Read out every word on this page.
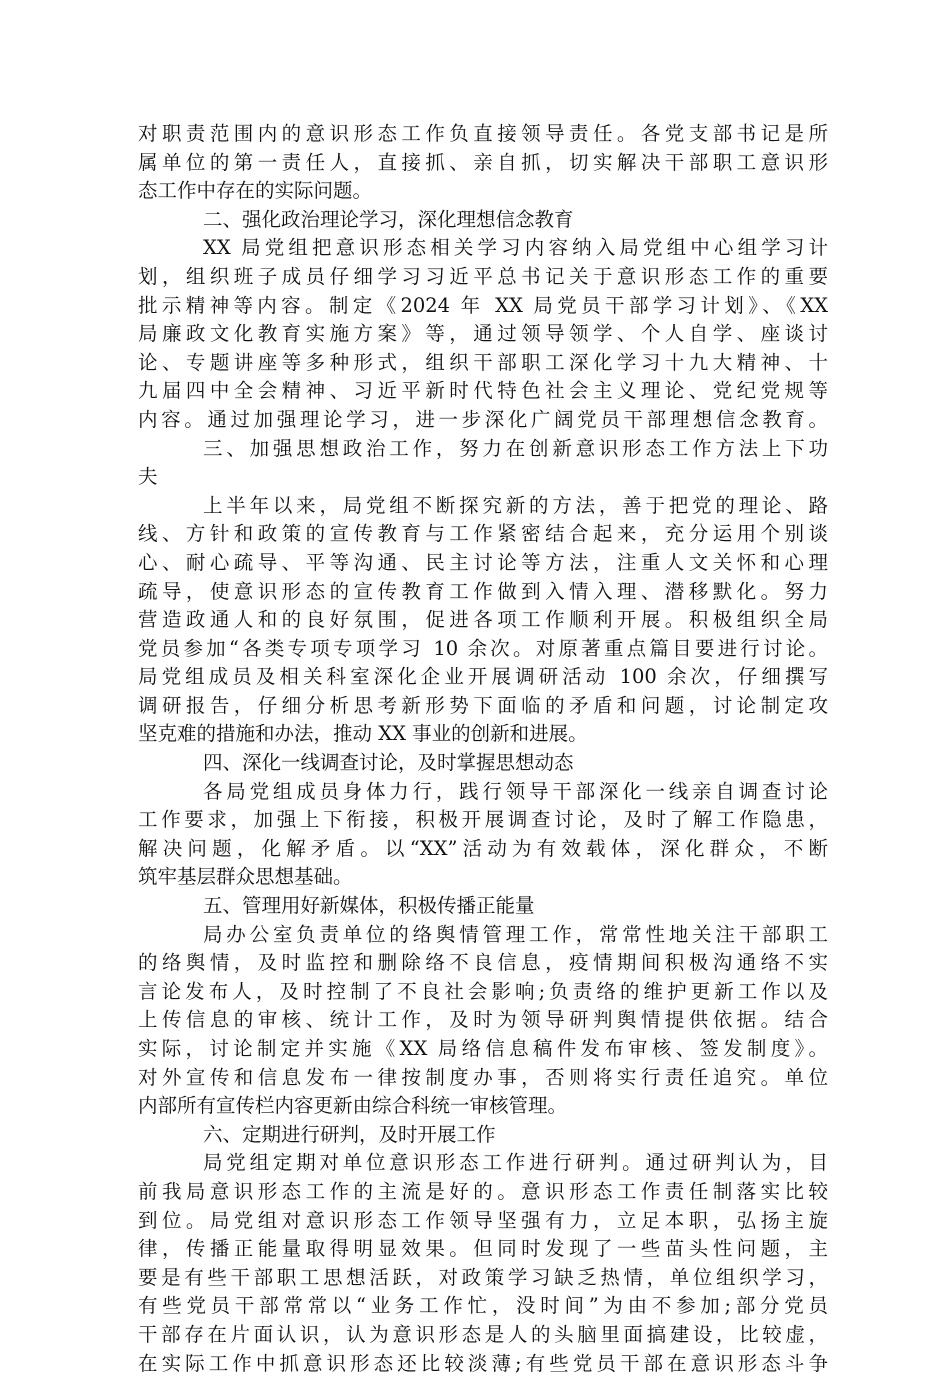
对职责范围内的意识形态工作负直接领导责任。各党支部书记是所
属单位的第一责任人，直接抓、亲自抓，切实解决干部职工意识形
态工作中存在的实际问题。
二、强化政治理论学习，深化理想信念教育
XX 局党组把意识形态相关学习内容纳入局党组中心组学习计
划，组织班子成员仔细学习习近平总书记关于意识形态工作的重要
批示精神等内容。制定《2024 年 XX 局党员干部学习计划》、《XX
局廉政文化教育实施方案》等，通过领导领学、个人自学、座谈讨
论、专题讲座等多种形式，组织干部职工深化学习十九大精神、十
九届四中全会精神、习近平新时代特色社会主义理论、党纪党规等
内容。通过加强理论学习，进一步深化广阔党员干部理想信念教育。
三、加强思想政治工作，努力在创新意识形态工作方法上下功
夫
上半年以来，局党组不断探究新的方法，善于把党的理论、路
线、方针和政策的宣传教育与工作紧密结合起来，充分运用个别谈
心、耐心疏导、平等沟通、民主讨论等方法，注重人文关怀和心理
疏导，使意识形态的宣传教育工作做到入情入理、潜移默化。努力
营造政通人和的良好氛围，促进各项工作顺利开展。积极组织全局
党员参加“各类专项专项学习 10 余次。对原著重点篇目要进行讨论。
局党组成员及相关科室深化企业开展调研活动 100 余次，仔细撰写
调研报告，仔细分析思考新形势下面临的矛盾和问题，讨论制定攻
坚克难的措施和办法，推动 XX 事业的创新和进展。
四、深化一线调查讨论，及时掌握思想动态
各局党组成员身体力行，践行领导干部深化一线亲自调查讨论
工作要求，加强上下衔接，积极开展调查讨论，及时了解工作隐患，
解决问题，化解矛盾。以“XX”活动为有效载体，深化群众，不断
筑牢基层群众思想基础。
五、管理用好新媒体，积极传播正能量
局办公室负责单位的络舆情管理工作，常常性地关注干部职工
的络舆情，及时监控和删除络不良信息，疫情期间积极沟通络不实
言论发布人，及时控制了不良社会影响;负责络的维护更新工作以及
上传信息的审核、统计工作，及时为领导研判舆情提供依据。结合
实际，讨论制定并实施《XX 局络信息稿件发布审核、签发制度》。
对外宣传和信息发布一律按制度办事，否则将实行责任追究。单位
内部所有宣传栏内容更新由综合科统一审核管理。
六、定期进行研判，及时开展工作
局党组定期对单位意识形态工作进行研判。通过研判认为，目
前我局意识形态工作的主流是好的。意识形态工作责任制落实比较
到位。局党组对意识形态工作领导坚强有力，立足本职，弘扬主旋
律，传播正能量取得明显效果。但同时发现了一些苗头性问题，主
要是有些干部职工思想活跃，对政策学习缺乏热情，单位组织学习，
有些党员干部常常以“业务工作忙，没时间”为由不参加;部分党员
干部存在片面认识，认为意识形态是人的头脑里面搞建设，比较虚，
在实际工作中抓意识形态还比较淡薄;有些党员干部在意识形态斗争
